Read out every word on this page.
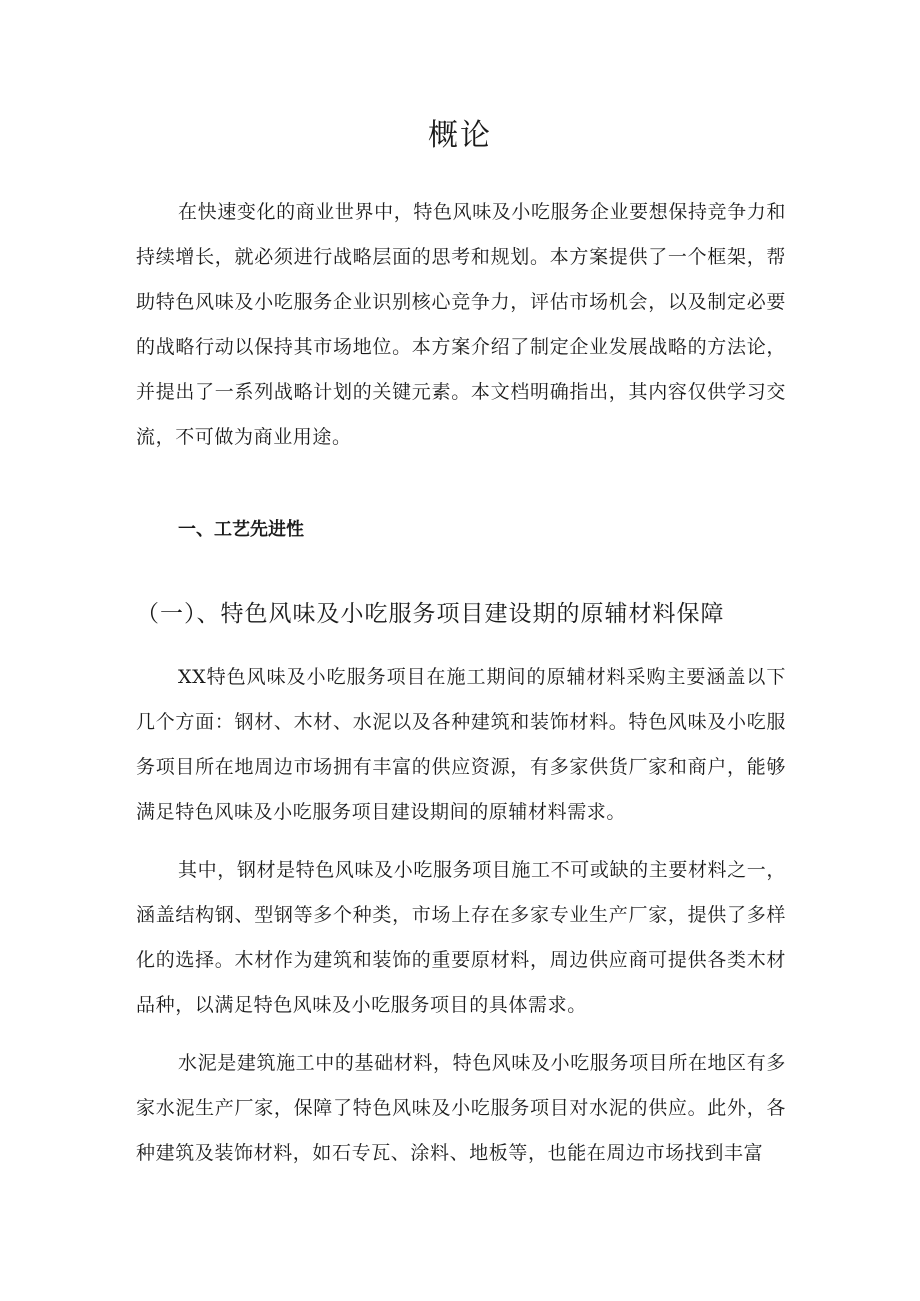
概论

在快速变化的商业世界中，特色风味及小吃服务企业要想保持竞争力和持续增长，就必须进行战略层面的思考和规划。本方案提供了一个框架，帮助特色风味及小吃服务企业识别核心竞争力，评估市场机会，以及制定必要的战略行动以保持其市场地位。本方案介绍了制定企业发展战略的方法论，并提出了一系列战略计划的关键元素。本文档明确指出，其内容仅供学习交流，不可做为商业用途。

一、工艺先进性
（一）、特色风味及小吃服务项目建设期的原辅材料保障

XX特色风味及小吃服务项目在施工期间的原辅材料采购主要涵盖以下几个方面：钢材、木材、水泥以及各种建筑和装饰材料。特色风味及小吃服务项目所在地周边市场拥有丰富的供应资源，有多家供货厂家和商户，能够满足特色风味及小吃服务项目建设期间的原辅材料需求。

其中，钢材是特色风味及小吃服务项目施工不可或缺的主要材料之一，涵盖结构钢、型钢等多个种类，市场上存在多家专业生产厂家，提供了多样化的选择。木材作为建筑和装饰的重要原材料，周边供应商可提供各类木材品种，以满足特色风味及小吃服务项目的具体需求。

水泥是建筑施工中的基础材料，特色风味及小吃服务项目所在地区有多家水泥生产厂家，保障了特色风味及小吃服务项目对水泥的供应。此外，各种建筑及装饰材料，如石专瓦、涂料、地板等，也能在周边市场找到丰富
